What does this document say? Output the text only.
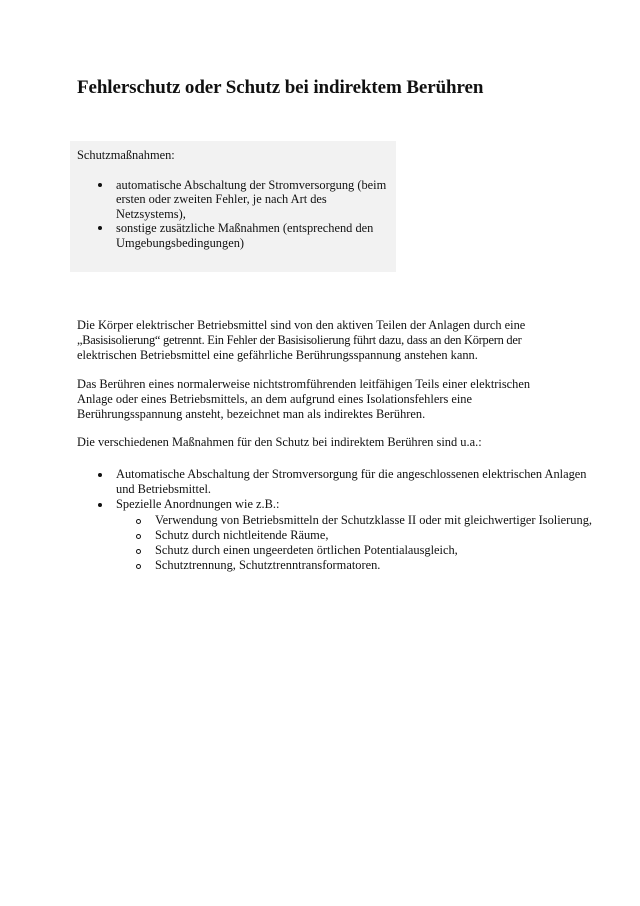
Fehlerschutz oder Schutz bei indirektem Berühren

Schutzmaßnahmen:

automatische Abschaltung der Stromversorgung (beim ersten oder zweiten Fehler, je nach Art des Netzsystems),
sonstige zusätzliche Maßnahmen (entsprechend den Umgebungsbedingungen)

Die Körper elektrischer Betriebsmittel sind von den aktiven Teilen der Anlagen durch eine
„Basisisolierung“ getrennt. Ein Fehler der Basisisolierung führt dazu, dass an den Körpern der
elektrischen Betriebsmittel eine gefährliche Berührungsspannung anstehen kann.

Das Berühren eines normalerweise nichtstromführenden leitfähigen Teils einer elektrischen Anlage oder eines Betriebsmittels, an dem aufgrund eines Isolationsfehlers eine Berührungsspannung ansteht, bezeichnet man als indirektes Berühren.

Die verschiedenen Maßnahmen für den Schutz bei indirektem Berühren sind u.a.:

Automatische Abschaltung der Stromversorgung für die angeschlossenen elektrischen Anlagen und Betriebsmittel.
Spezielle Anordnungen wie z.B.:
Verwendung von Betriebsmitteln der Schutzklasse II oder mit gleichwertiger Isolierung,
Schutz durch nichtleitende Räume,
Schutz durch einen ungeerdeten örtlichen Potentialausgleich,
Schutztrennung, Schutztrenntransformatoren.
